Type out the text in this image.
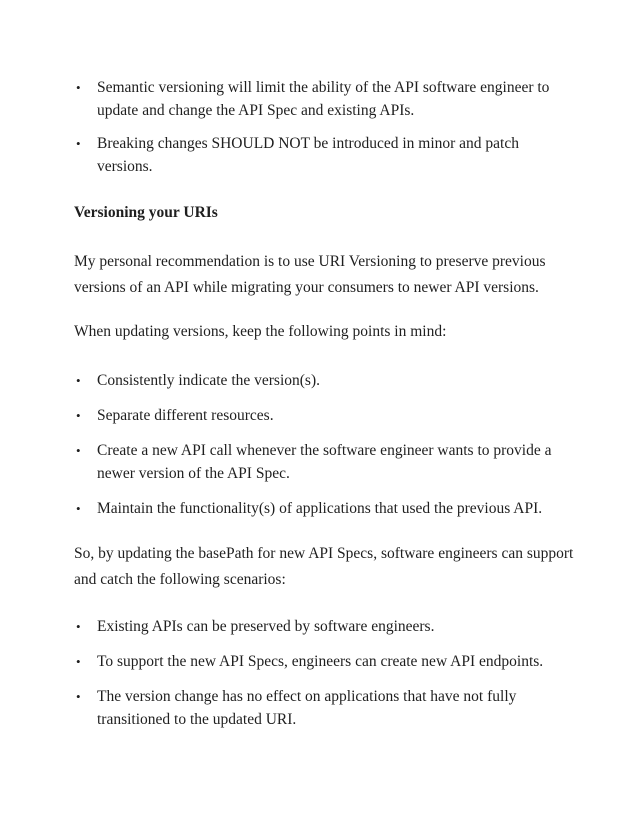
• Semantic versioning will limit the ability of the API software engineer to update and change the API Spec and existing APIs.
• Breaking changes SHOULD NOT be introduced in minor and patch versions.
Versioning your URIs

My personal recommendation is to use URI Versioning to preserve previous versions of an API while migrating your consumers to newer API versions.

When updating versions, keep the following points in mind:

• Consistently indicate the version(s).
• Separate different resources.
• Create a new API call whenever the software engineer wants to provide a newer version of the API Spec.
• Maintain the functionality(s) of applications that used the previous API.

So, by updating the basePath for new API Specs, software engineers can support and catch the following scenarios:

• Existing APIs can be preserved by software engineers.
• To support the new API Specs, engineers can create new API endpoints.
• The version change has no effect on applications that have not fully transitioned to the updated URI.
